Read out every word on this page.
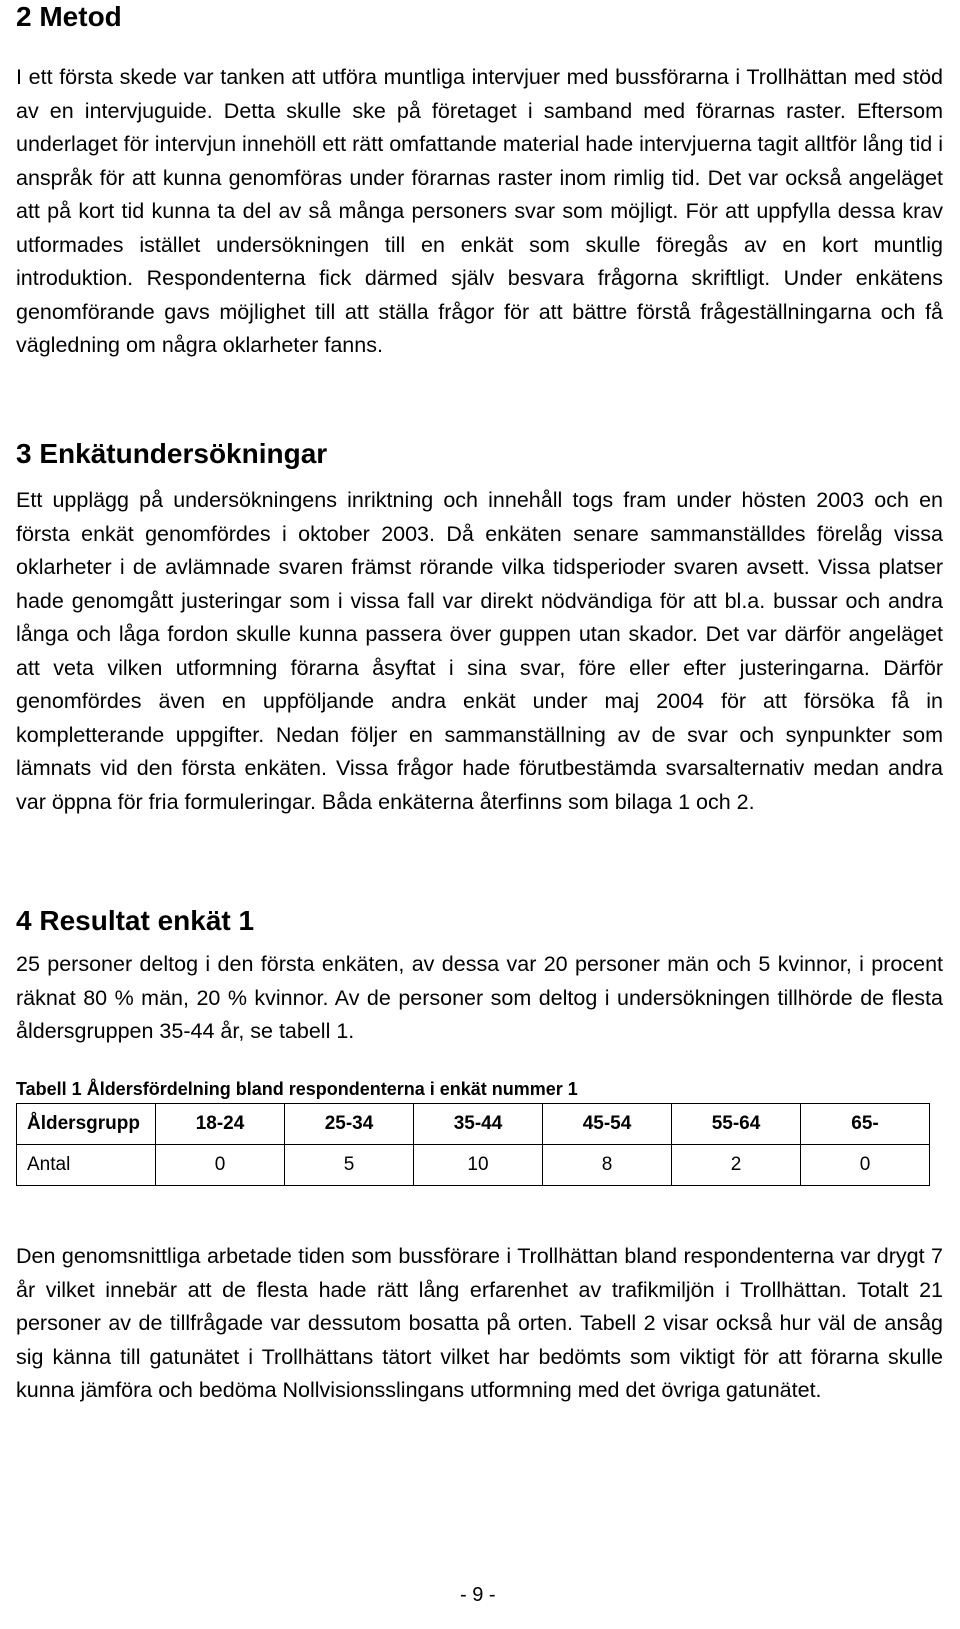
2 Metod

I ett första skede var tanken att utföra muntliga intervjuer med bussförarna i Trollhättan med stöd av en intervjuguide. Detta skulle ske på företaget i samband med förarnas raster. Eftersom underlaget för intervjun innehöll ett rätt omfattande material hade intervjuerna tagit alltför lång tid i anspråk för att kunna genomföras under förarnas raster inom rimlig tid. Det var också angeläget att på kort tid kunna ta del av så många personers svar som möjligt. För att uppfylla dessa krav utformades istället undersökningen till en enkät som skulle föregås av en kort muntlig introduktion. Respondenterna fick därmed själv besvara frågorna skriftligt. Under enkätens genomförande gavs möjlighet till att ställa frågor för att bättre förstå frågeställningarna och få vägledning om några oklarheter fanns.

3 Enkätundersökningar

Ett upplägg på undersökningens inriktning och innehåll togs fram under hösten 2003 och en första enkät genomfördes i oktober 2003. Då enkäten senare sammanställdes förelåg vissa oklarheter i de avlämnade svaren främst rörande vilka tidsperioder svaren avsett. Vissa platser hade genomgått justeringar som i vissa fall var direkt nödvändiga för att bl.a. bussar och andra långa och låga fordon skulle kunna passera över guppen utan skador. Det var därför angeläget att veta vilken utformning förarna åsyftat i sina svar, före eller efter justeringarna. Därför genomfördes även en uppföljande andra enkät under maj 2004 för att försöka få in kompletterande uppgifter. Nedan följer en sammanställning av de svar och synpunkter som lämnats vid den första enkäten. Vissa frågor hade förutbestämda svarsalternativ medan andra var öppna för fria formuleringar. Båda enkäterna återfinns som bilaga 1 och 2.

4 Resultat enkät 1

25 personer deltog i den första enkäten, av dessa var 20 personer män och 5 kvinnor, i procent räknat 80 % män, 20 % kvinnor. Av de personer som deltog i undersökningen tillhörde de flesta åldersgruppen 35-44 år, se tabell 1.

Tabell 1 Åldersfördelning bland respondenterna i enkät nummer 1
Åldersgrupp	18-24	25-34	35-44	45-54	55-64	65-
Antal	0	5	10	8	2	0

Den genomsnittliga arbetade tiden som bussförare i Trollhättan bland respondenterna var drygt 7 år vilket innebär att de flesta hade rätt lång erfarenhet av trafikmiljön i Trollhättan. Totalt 21 personer av de tillfrågade var dessutom bosatta på orten. Tabell 2 visar också hur väl de ansåg sig känna till gatunätet i Trollhättans tätort vilket har bedömts som viktigt för att förarna skulle kunna jämföra och bedöma Nollvisionsslingans utformning med det övriga gatunätet.

- 9 -
